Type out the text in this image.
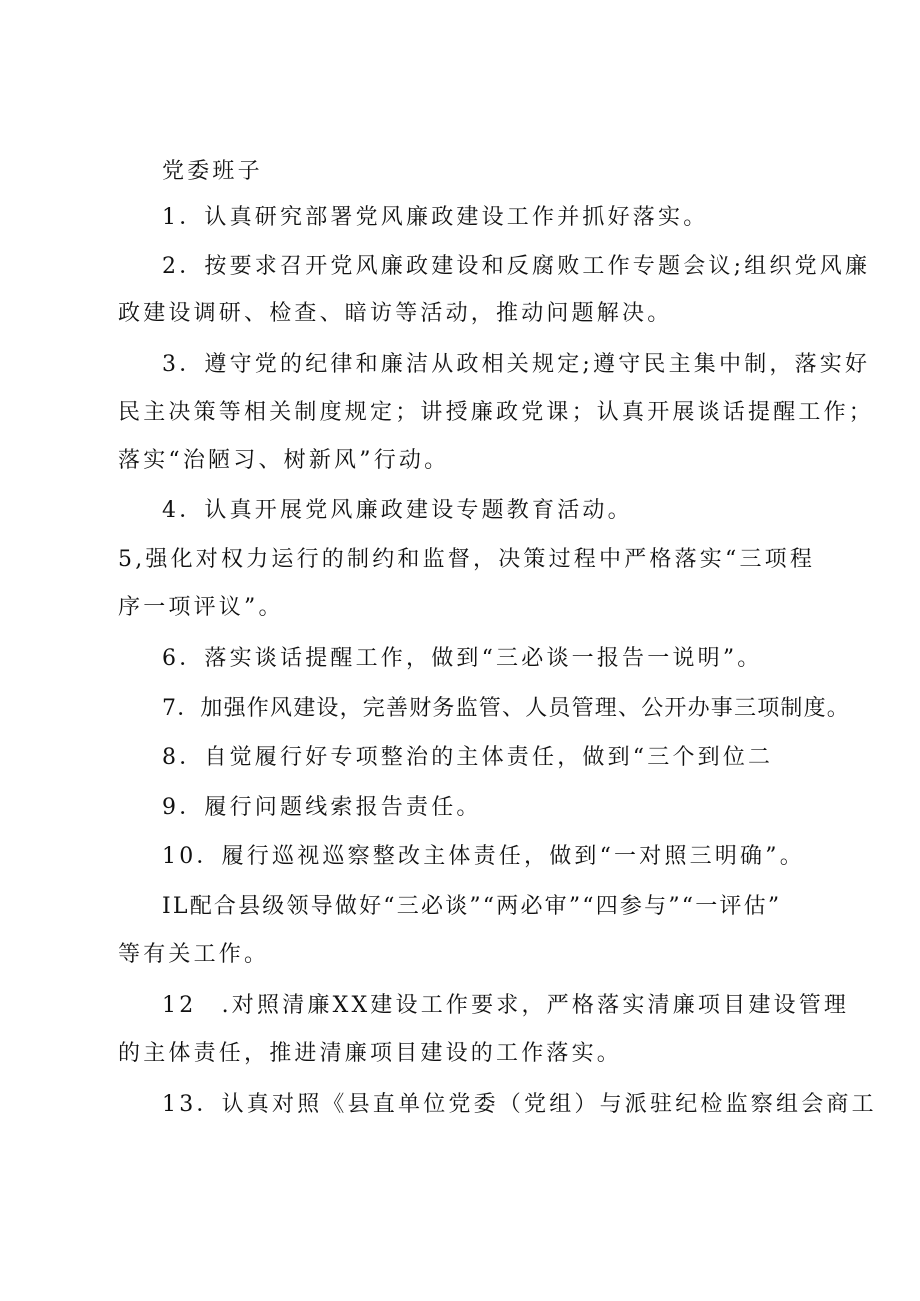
党委班子
1．认真研究部署党风廉政建设工作并抓好落实。
2．按要求召开党风廉政建设和反腐败工作专题会议;组织党风廉
政建设调研、检查、暗访等活动，推动问题解决。
3．遵守党的纪律和廉洁从政相关规定;遵守民主集中制，落实好
民主决策等相关制度规定；讲授廉政党课；认真开展谈话提醒工作；
落实“治陋习、树新风”行动。
4．认真开展党风廉政建设专题教育活动。
5,强化对权力运行的制约和监督，决策过程中严格落实“三项程
序一项评议”。
6．落实谈话提醒工作，做到“三必谈一报告一说明”。
7．加强作风建设，完善财务监管、人员管理、公开办事三项制度。
8．自觉履行好专项整治的主体责任，做到“三个到位二
9．履行问题线索报告责任。
10．履行巡视巡察整改主体责任，做到“一对照三明确”。
IL配合县级领导做好“三必谈”“两必审”“四参与”“一评估”
等有关工作。
12　.对照清廉XX建设工作要求，严格落实清廉项目建设管理
的主体责任，推进清廉项目建设的工作落实。
13．认真对照《县直单位党委（党组）与派驻纪检监察组会商工
